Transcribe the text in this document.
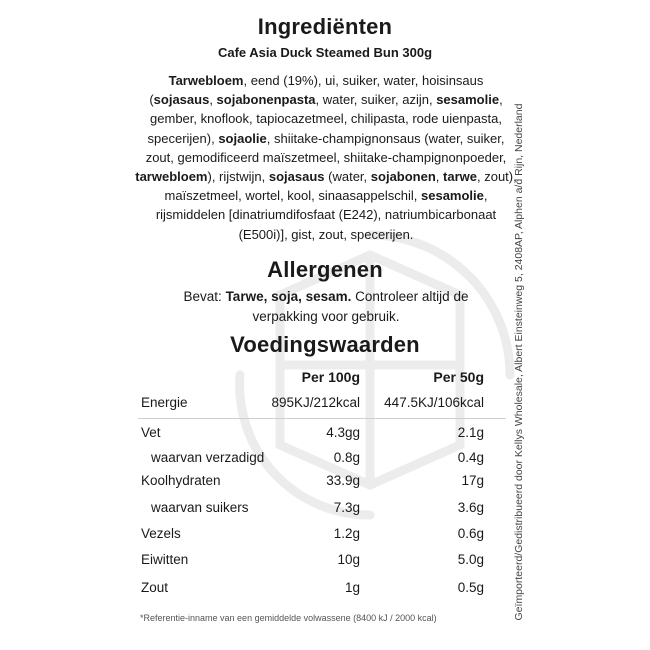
Ingrediënten
Cafe Asia Duck Steamed Bun 300g
Tarwebloem, eend (19%), ui, suiker, water, hoisinsaus (sojasaus, sojabonenpasta, water, suiker, azijn, sesamolie, gember, knoflook, tapiocazetmeel, chilipasta, rode uienpasta, specerijen), sojaolie, shiitake-champignonsaus (water, suiker, zout, gemodificeerd maïszetmeel, shiitake-champignonpoeder, tarwebloem), rijstwijn, sojasaus (water, sojabonen, tarwe, zout), maïszetmeel, wortel, kool, sinaasappelschil, sesamolie, rijsmiddelen [dinatriumdifosfaat (E242), natriumbicarbonaat (E500i)], gist, zout, specerijen.
Allergenen
Bevat: Tarwe, soja, sesam. Controleer altijd de verpakking voor gebruik.
Voedingswaarden
Per 100g	Per 50g
Energie	895KJ/212kcal 447.5KJ/106kcal
Vet	4.3gg	2.1g
waarvan verzadigd	0.8g	0.4g
Koolhydraten	33.9g	17g
waarvan suikers	7.3g	3.6g
Vezels	1.2g	0.6g
Eiwitten	10g	5.0g
Zout	1g	0.5g
*Referentie-inname van een gemiddelde volwassene (8400 kJ / 2000 kcal)	Geïmporteerd/Gedistribueerd door Kellys Wholesale, Albert Einsteinweg 5, 2408AP, Alphen a/d Rijn, Nederland
